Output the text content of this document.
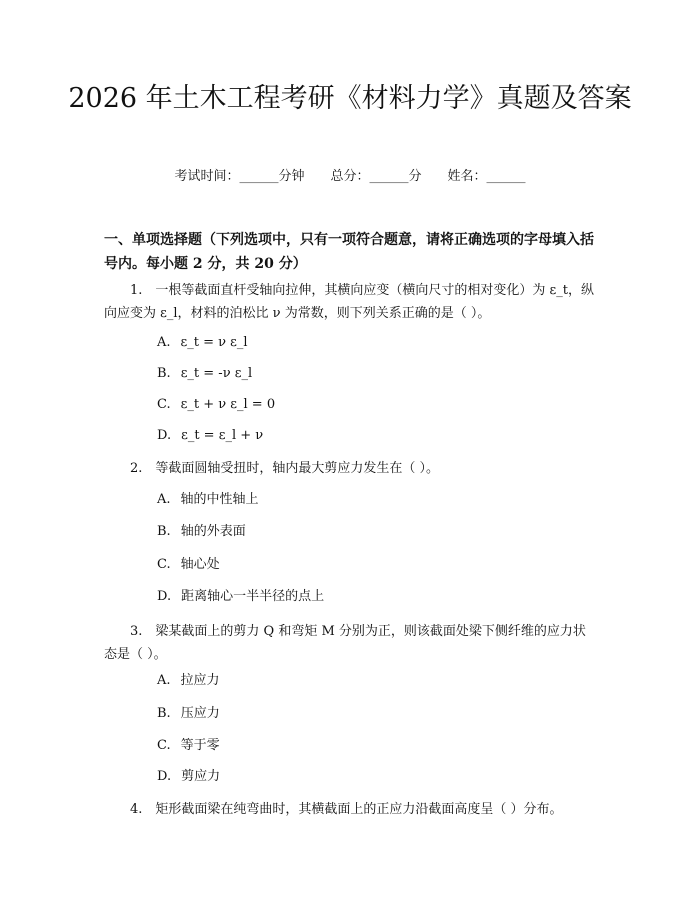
2026 年土木工程考研《材料力学》真题及答案
考试时间：______分钟 总分：______分 姓名：______

一、单项选择题（下列选项中，只有一项符合题意，请将正确选项的字母填入括号内。每小题 2 分，共 20 分）

1.　一根等截面直杆受轴向拉伸，其横向应变（横向尺寸的相对变化）为 ε_t，纵向应变为 ε_l，材料的泊松比 ν 为常数，则下列关系正确的是（ ）。

A. ε_t = ν ε_l
B. ε_t = -ν ε_l
C. ε_t + ν ε_l = 0
D. ε_t = ε_l + ν

2.　等截面圆轴受扭时，轴内最大剪应力发生在（ ）。

A. 轴的中性轴上
B. 轴的外表面
C. 轴心处
D. 距离轴心一半半径的点上

3.　梁某截面上的剪力 Q 和弯矩 M 分别为正，则该截面处梁下侧纤维的应力状态是（ ）。

A. 拉应力
B. 压应力
C. 等于零
D. 剪应力

4.　矩形截面梁在纯弯曲时，其横截面上的正应力沿截面高度呈（ ）分布。
